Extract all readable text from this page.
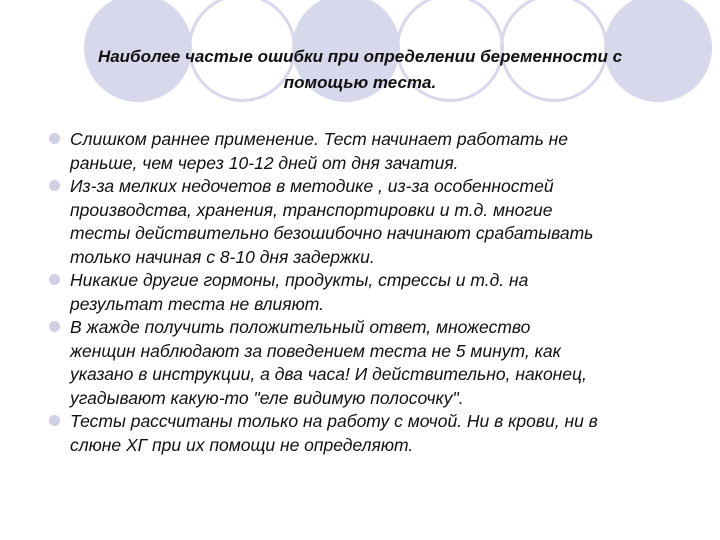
Наиболее частые ошибки при определении беременности с
помощью теста.
Слишком раннее применение. Тест начинает работать не
раньше, чем через 10-12 дней от дня зачатия.
Из-за мелких недочетов в методике , из-за особенностей
производства, хранения, транспортировки и т.д. многие
тесты действительно безошибочно начинают срабатывать
только начиная с 8-10 дня задержки.
Никакие другие гормоны, продукты, стрессы и т.д. на
результат теста не влияют.
В жажде получить положительный ответ, множество
женщин наблюдают за поведением теста не 5 минут, как
указано в инструкции, а два часа! И действительно, наконец,
угадывают какую-то "еле видимую полосочку".
Тесты рассчитаны только на работу с мочой. Ни в крови, ни в
слюне ХГ при их помощи не определяют.
